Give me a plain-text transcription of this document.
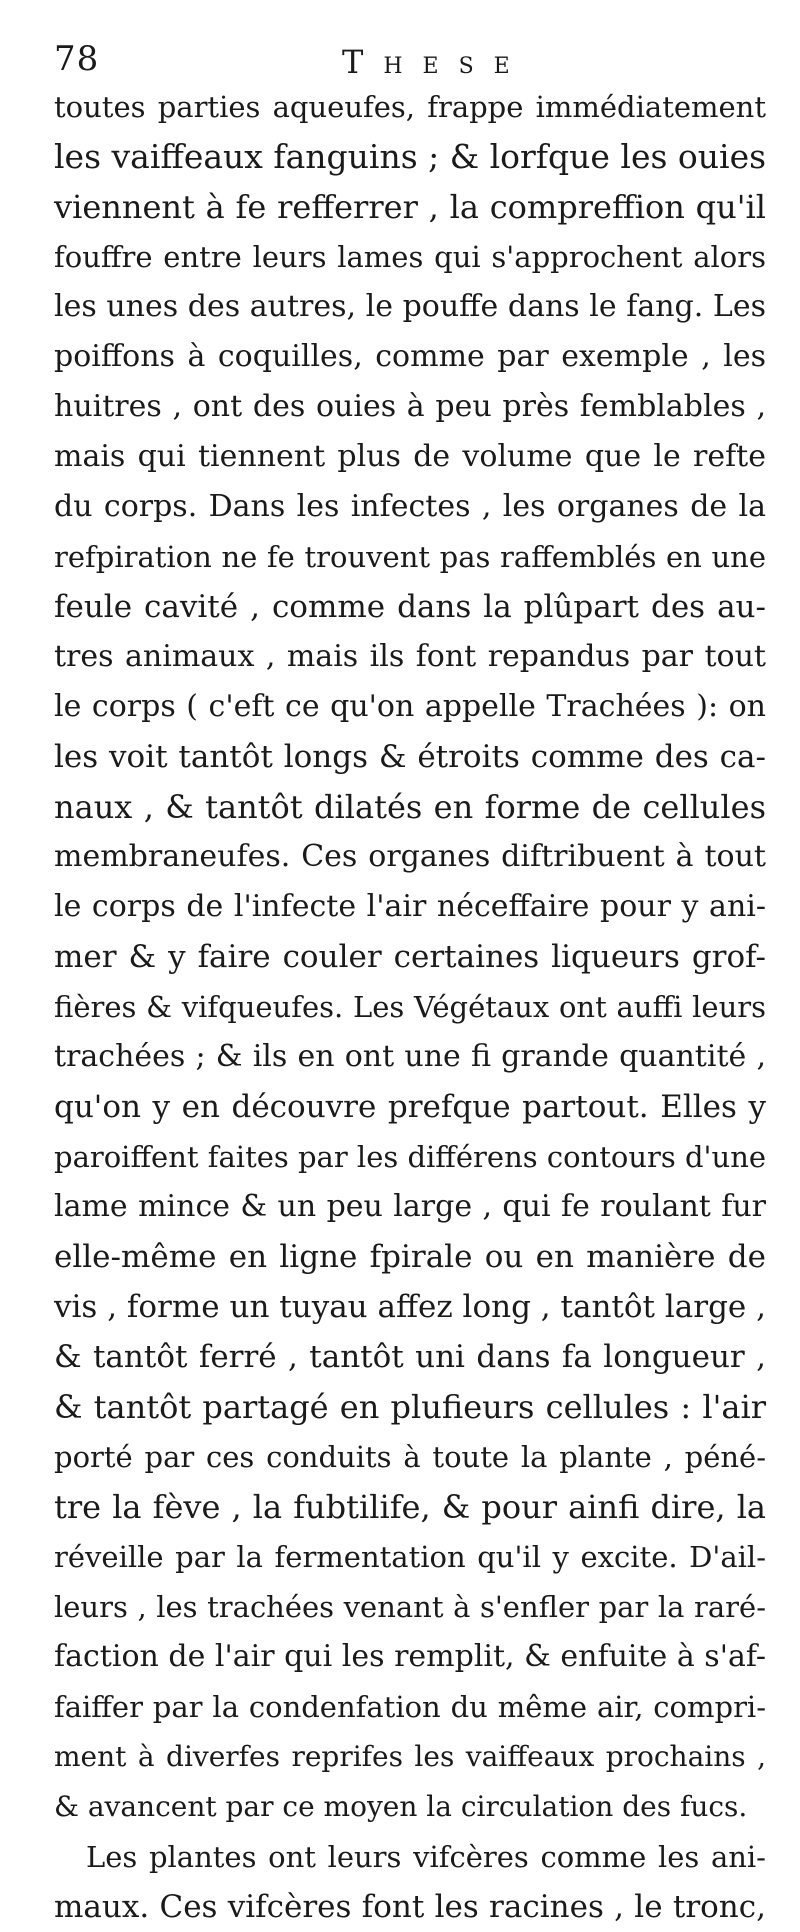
78	These
toutes parties aqueufes, frappe immédiatement
les vaiffeaux fanguins ; & lorfque les ouies
viennent à fe refferrer , la compreffion qu'il
fouffre entre leurs lames qui s'approchent alors
les unes des autres, le pouffe dans le fang. Les
poiffons à coquilles, comme par exemple , les
huitres , ont des ouies à peu près femblables ,
mais qui tiennent plus de volume que le refte
du corps. Dans les infectes , les organes de la
refpiration ne fe trouvent pas raffemblés en une
feule cavité , comme dans la plûpart des au-
tres animaux , mais ils font repandus par tout
le corps ( c'eft ce qu'on appelle Trachées ): on
les voit tantôt longs & étroits comme des ca-
naux , & tantôt dilatés en forme de cellules
membraneufes. Ces organes diftribuent à tout
le corps de l'infecte l'air néceffaire pour y ani-
mer & y faire couler certaines liqueurs grof-
fières & vifqueufes. Les Végétaux ont auffi leurs
trachées ; & ils en ont une fi grande quantité ,
qu'on y en découvre prefque partout. Elles y
paroiffent faites par les différens contours d'une
lame mince & un peu large , qui fe roulant fur
elle-même en ligne fpirale ou en manière de
vis , forme un tuyau affez long , tantôt large ,
& tantôt ferré , tantôt uni dans fa longueur ,
& tantôt partagé en plufieurs cellules : l'air
porté par ces conduits à toute la plante , péné-
tre la fève , la fubtilife, & pour ainfi dire, la
réveille par la fermentation qu'il y excite. D'ail-
leurs , les trachées venant à s'enfler par la raré-
faction de l'air qui les remplit, & enfuite à s'af-
faiffer par la condenfation du même air, compri-
ment à diverfes reprifes les vaiffeaux prochains ,
& avancent par ce moyen la circulation des fucs.
Les plantes ont leurs vifcères comme les ani-
maux. Ces vifcères font les racines , le tronc,
